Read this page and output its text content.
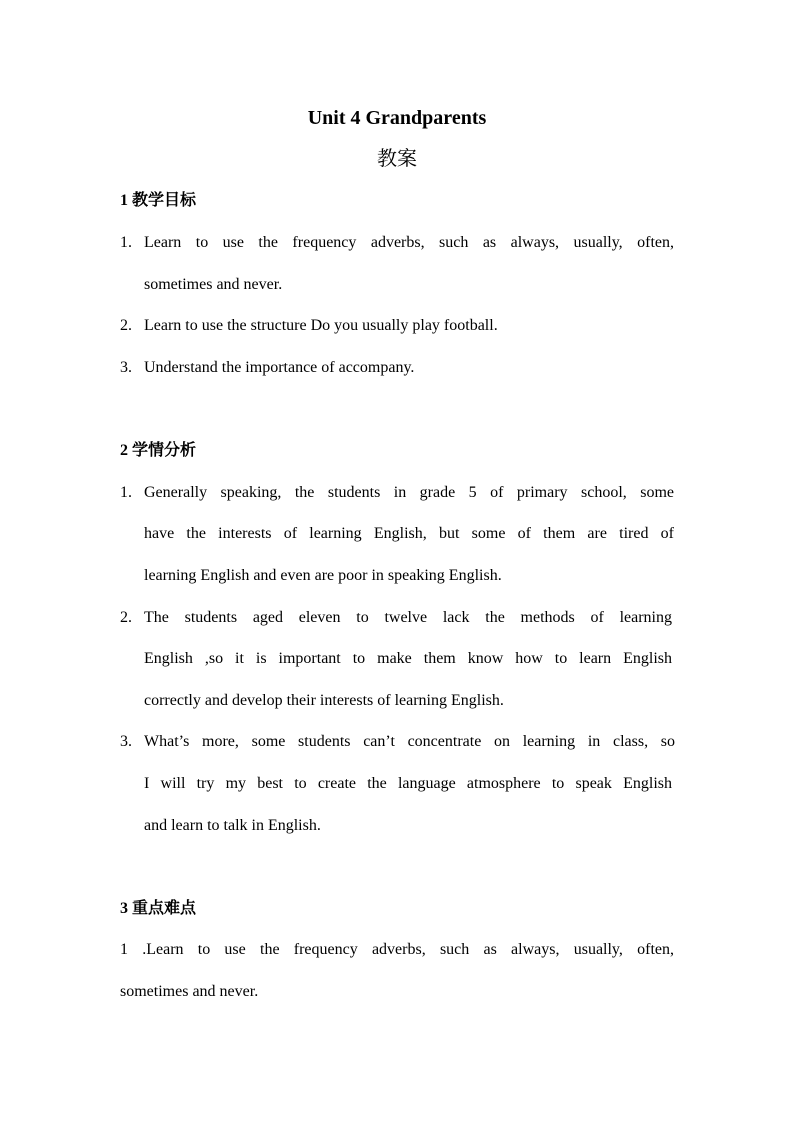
Unit 4 Grandparents
教案
1 教学目标
1. Learn to use the frequency adverbs, such as always, usually, often,
sometimes and never.
2. Learn to use the structure Do you usually play football.
3. Understand the importance of accompany.
2 学情分析
1. Generally speaking, the students in grade 5 of primary school, some
have the interests of learning English, but some of them are tired of
learning English and even are poor in speaking English.
2. The students aged eleven to twelve lack the methods of learning
English ,so it is important to make them know how to learn English
correctly and develop their interests of learning English.
3. What’s more, some students can’t concentrate on learning in class, so
I will try my best to create the language atmosphere to speak English
and learn to talk in English.
3 重点难点
1 .Learn to use the frequency adverbs, such as always, usually, often,
sometimes and never.
